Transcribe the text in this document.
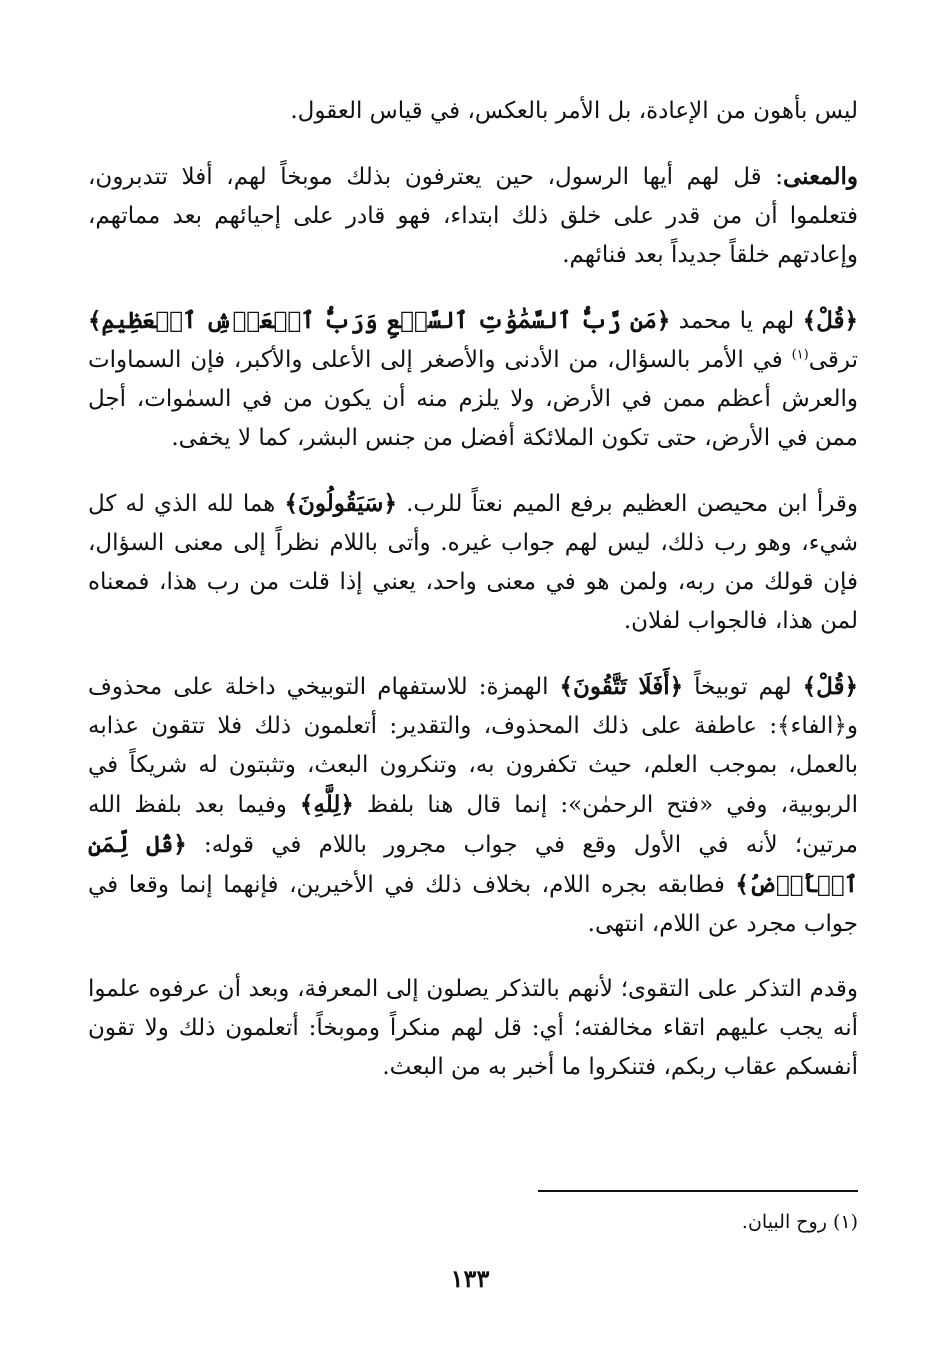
ليس بأهون من الإعادة، بل الأمر بالعكس، في قياس العقول.

والمعنى: قل لهم أيها الرسول، حين يعترفون بذلك موبخاً لهم، أفلا تتدبرون، فتعلموا أن من قدر على خلق ذلك ابتداء، فهو قادر على إحيائهم بعد مماتهم، وإعادتهم خلقاً جديداً بعد فنائهم.

﴿قُلْ﴾ لهم يا محمد ﴿مَن رَّبُّ ٱلسَّمَٰوَٰتِ ٱلسَّبۡعِ وَرَبُّ ٱلۡعَرۡشِ ٱلۡعَظِيمِ﴾ ترقى$^{(١)}$ في الأمر بالسؤال، من الأدنى والأصغر إلى الأعلى والأكبر، فإن السماوات والعرش أعظم ممن في الأرض، ولا يلزم منه أن يكون من في السمٰوات، أجل ممن في الأرض، حتى تكون الملائكة أفضل من جنس البشر، كما لا يخفى.

وقرأ ابن محيصن العظيم برفع الميم نعتاً للرب. ﴿سَيَقُولُونَ﴾ هما لله الذي له كل شيء، وهو رب ذلك، ليس لهم جواب غيره. وأتى باللام نظراً إلى معنى السؤال، فإن قولك من ربه، ولمن هو في معنى واحد، يعني إذا قلت من رب هذا، فمعناه لمن هذا، فالجواب لفلان.

﴿قُلْ﴾ لهم توبيخاً ﴿أَفَلَا تَتَّقُونَ﴾ الهمزة: للاستفهام التوبيخي داخلة على محذوف و﴿الفاء﴾: عاطفة على ذلك المحذوف، والتقدير: أتعلمون ذلك فلا تتقون عذابه بالعمل، بموجب العلم، حيث تكفرون به، وتنكرون البعث، وتثبتون له شريكاً في الربوبية، وفي «فتح الرحمٰن»: إنما قال هنا بلفظ ﴿لِلَّهِ﴾ وفيما بعد بلفظ الله مرتين؛ لأنه في الأول وقع في جواب مجرور باللام في قوله: ﴿قُل لِّمَنِ ٱلۡأَرۡضُ﴾ فطابقه بجره اللام، بخلاف ذلك في الأخيرين، فإنهما إنما وقعا في جواب مجرد عن اللام، انتهى.

وقدم التذكر على التقوى؛ لأنهم بالتذكر يصلون إلى المعرفة، وبعد أن عرفوه علموا أنه يجب عليهم اتقاء مخالفته؛ أي: قل لهم منكراً وموبخاً: أتعلمون ذلك ولا تقون أنفسكم عقاب ربكم، فتنكروا ما أخبر به من البعث.

(١) روح البيان.
١٣٣
